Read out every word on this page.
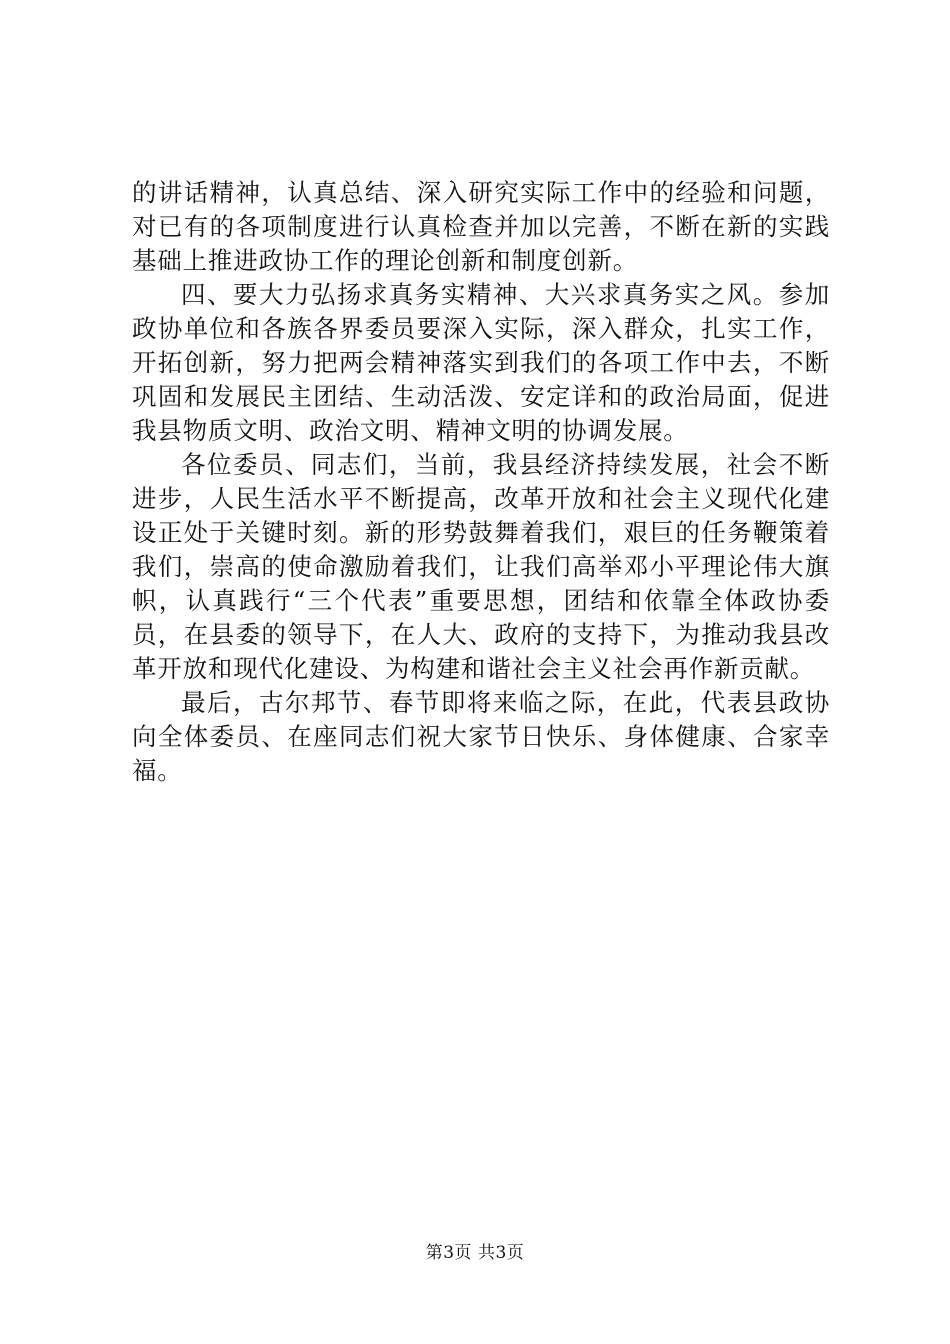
的讲话精神，认真总结、深入研究实际工作中的经验和问题，对已有的各项制度进行认真检查并加以完善，不断在新的实践基础上推进政协工作的理论创新和制度创新。

四、要大力弘扬求真务实精神、大兴求真务实之风。参加政协单位和各族各界委员要深入实际，深入群众，扎实工作，开拓创新，努力把两会精神落实到我们的各项工作中去，不断巩固和发展民主团结、生动活泼、安定详和的政治局面，促进我县物质文明、政治文明、精神文明的协调发展。

各位委员、同志们，当前，我县经济持续发展，社会不断进步，人民生活水平不断提高，改革开放和社会主义现代化建设正处于关键时刻。新的形势鼓舞着我们，艰巨的任务鞭策着我们，崇高的使命激励着我们，让我们高举邓小平理论伟大旗帜，认真践行“三个代表”重要思想，团结和依靠全体政协委员，在县委的领导下，在人大、政府的支持下，为推动我县改革开放和现代化建设、为构建和谐社会主义社会再作新贡献。

最后，古尔邦节、春节即将来临之际，在此，代表县政协向全体委员、在座同志们祝大家节日快乐、身体健康、合家幸福。

第3页 共3页
